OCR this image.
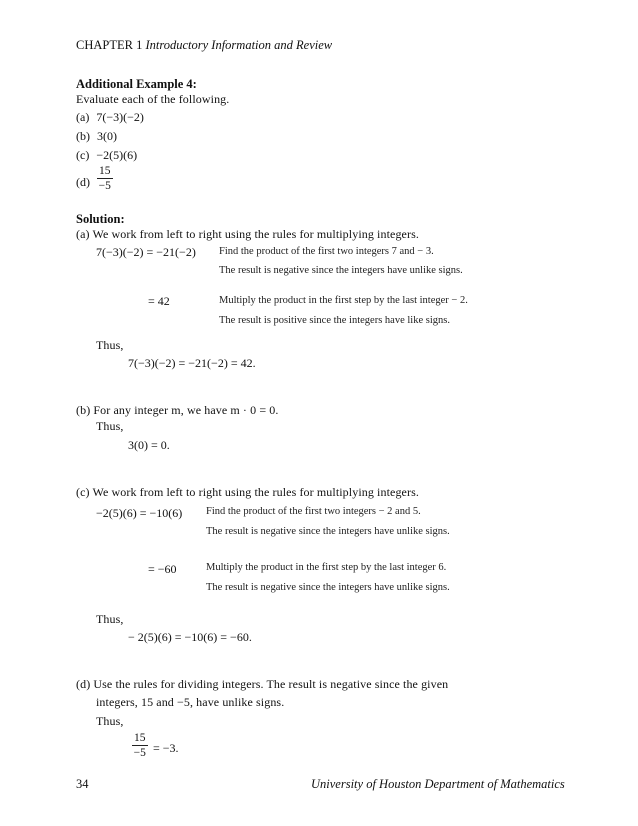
CHAPTER 1 Introductory Information and Review
Additional Example 4:
Evaluate each of the following.
(a) 7(−3)(−2)
(b) 3(0)
(c) −2(5)(6)
$(d) \frac{15}{-5}$
Solution:
(a) We work from left to right using the rules for multiplying integers.
7(−3)(−2) = −21(−2) Find the product of the first two integers 7 and − 3.
The result is negative since the integers have unlike signs.
= 42	Multiply the product in the first step by the last integer − 2.
The result is positive since the integers have like signs.
Thus,
7(−3)(−2) = −21(−2) = 42.
(b) For any integer m, we have m · 0 = 0.
Thus,
3(0) = 0.
(c) We work from left to right using the rules for multiplying integers.
−2(5)(6) = −10(6) Find the product of the first two integers − 2 and 5.
The result is negative since the integers have unlike signs.
= −60	Multiply the product in the first step by the last integer 6.
The result is negative since the integers have unlike signs.
Thus,
− 2(5)(6) = −10(6) = −60.
(d) Use the rules for dividing integers. The result is negative since the given
integers, 15 and −5, have unlike signs.
Thus,
$\frac{15}{-5} = -3$.
34	University of Houston Department of Mathematics
